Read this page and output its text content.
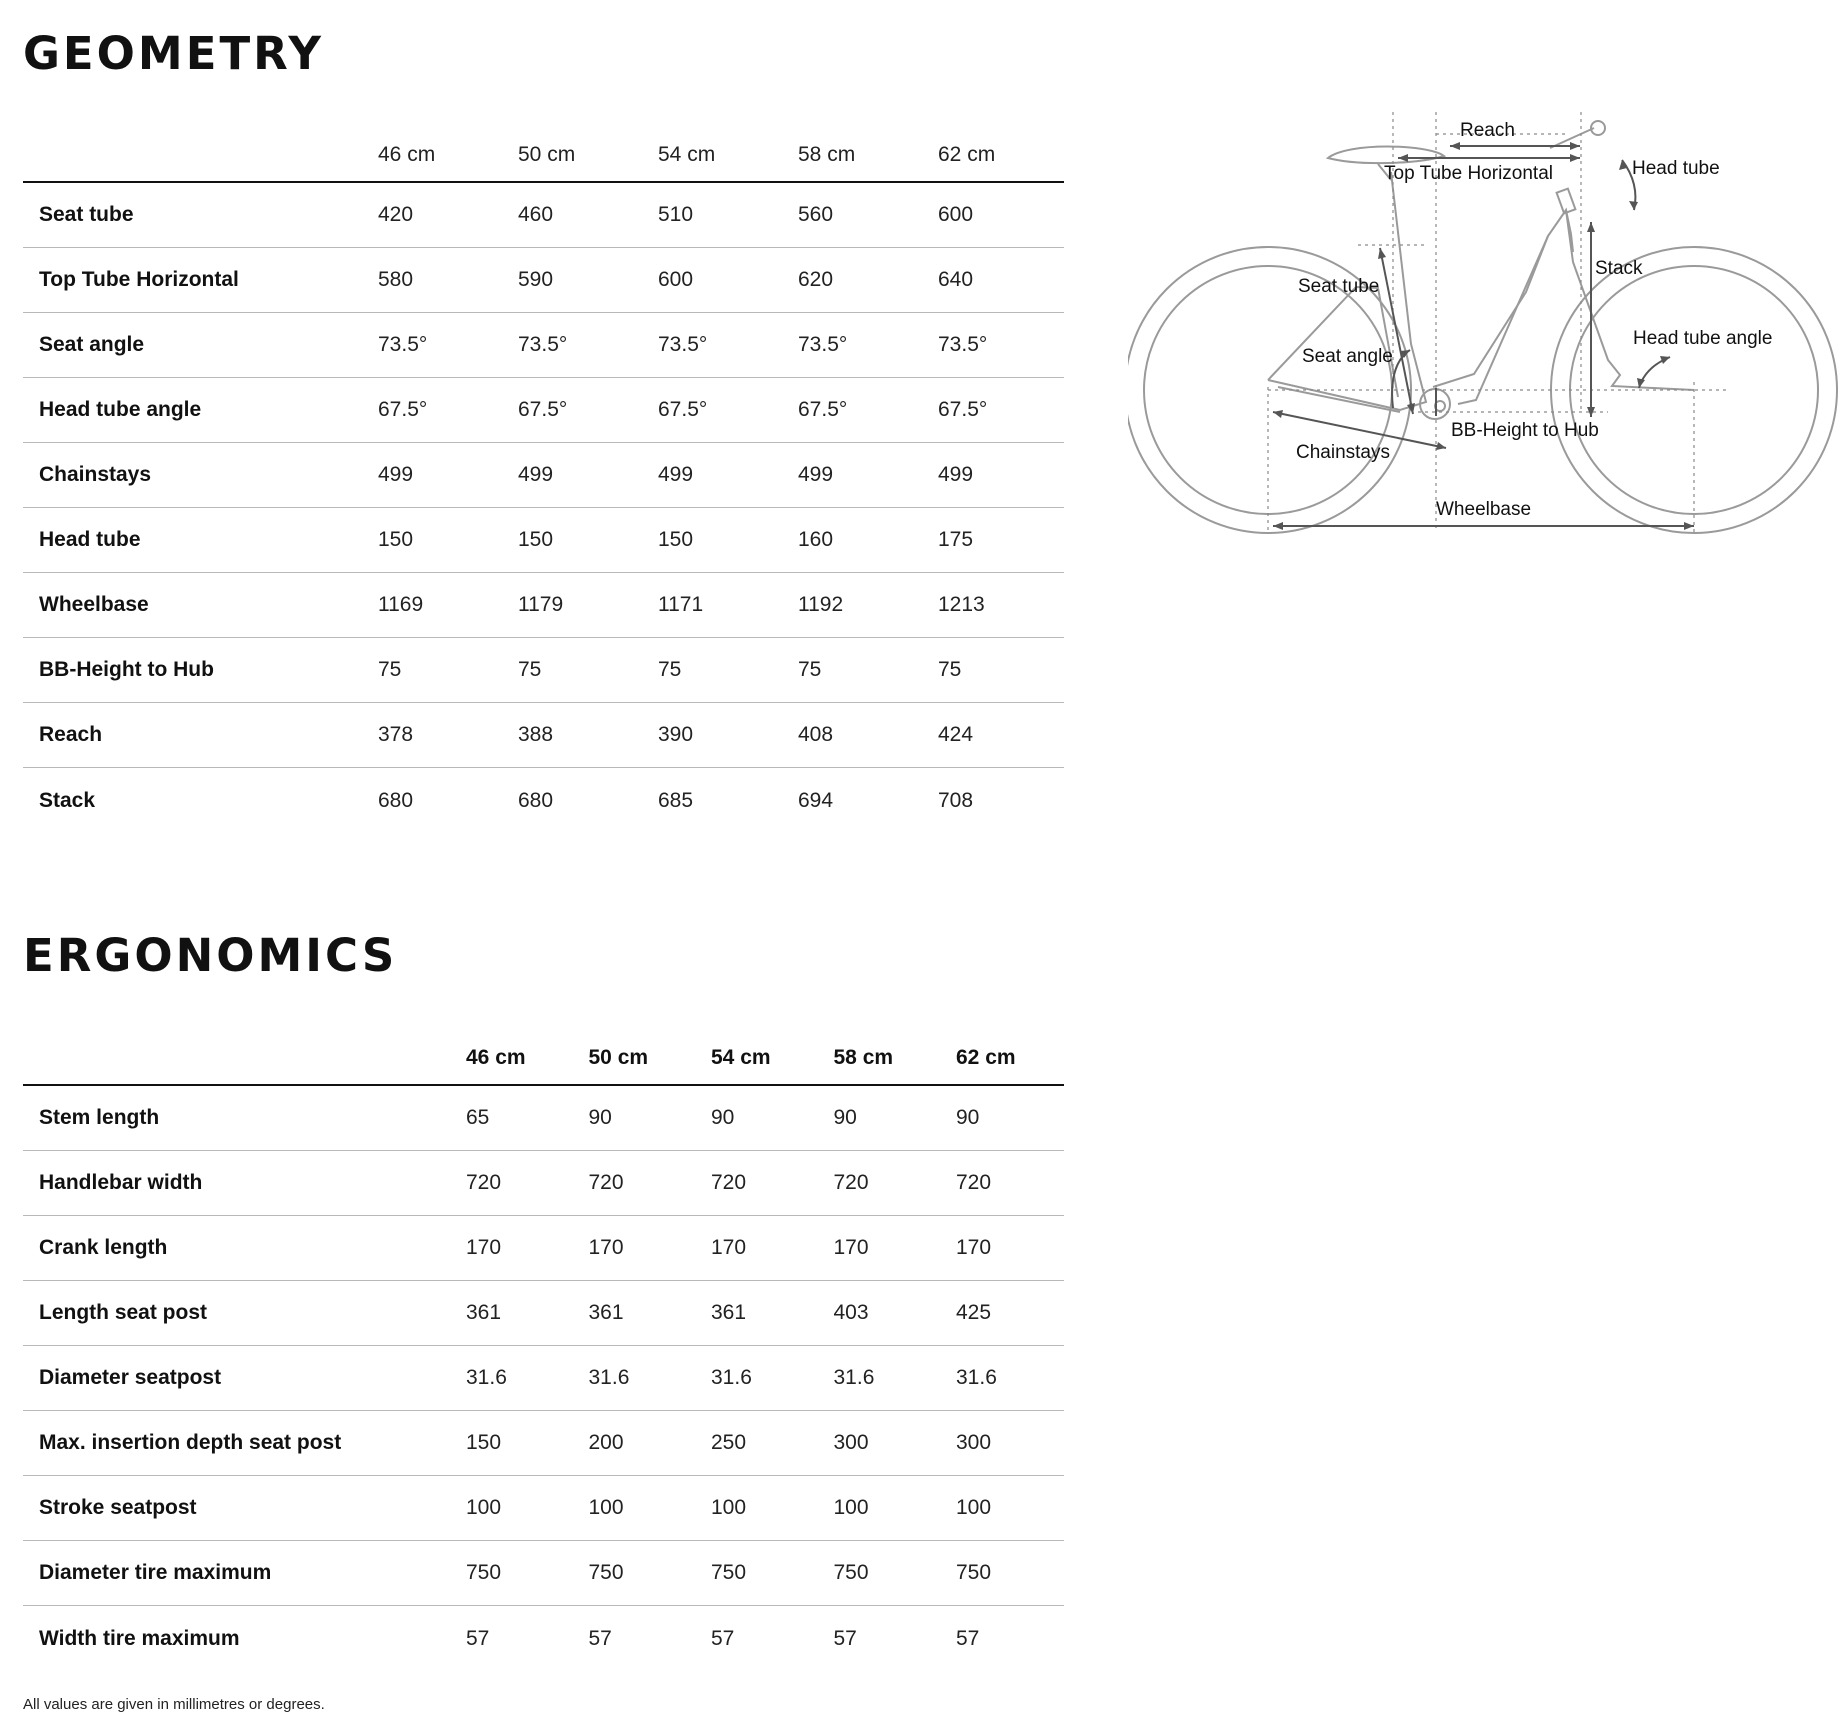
GEOMETRY
46 cm	50 cm	54 cm	58 cm	62 cm
Seat tube	420	460	510	560	600
Top Tube Horizontal	580	590	600	620	640
Seat angle	73.5°	73.5°	73.5°	73.5°	73.5°
Head tube angle	67.5°	67.5°	67.5°	67.5°	67.5°
Chainstays	499	499	499	499	499
Head tube	150	150	150	160	175
Wheelbase	1169	1179	1171	1192	1213
BB-Height to Hub	75	75	75	75	75
Reach	378	388	390	408	424
Stack	680	680	685	694	708
Reach
Top Tube Horizontal	Head tube
Stack
Seat tube
Seat angle
Head tube angle
BB-Height to Hub
Chainstays
Wheelbase
ERGONOMICS
46 cm	50 cm	54 cm	58 cm	62 cm
Stem length	65	90	90	90	90
Handlebar width	720	720	720	720	720
Crank length	170	170	170	170	170
Length seat post	361	361	361	403	425
Diameter seatpost	31.6	31.6	31.6	31.6	31.6
Max. insertion depth seat post	150	200	250	300	300
Stroke seatpost	100	100	100	100	100
Diameter tire maximum	750	750	750	750	750
Width tire maximum	57	57	57	57	57
All values are given in millimetres or degrees.
